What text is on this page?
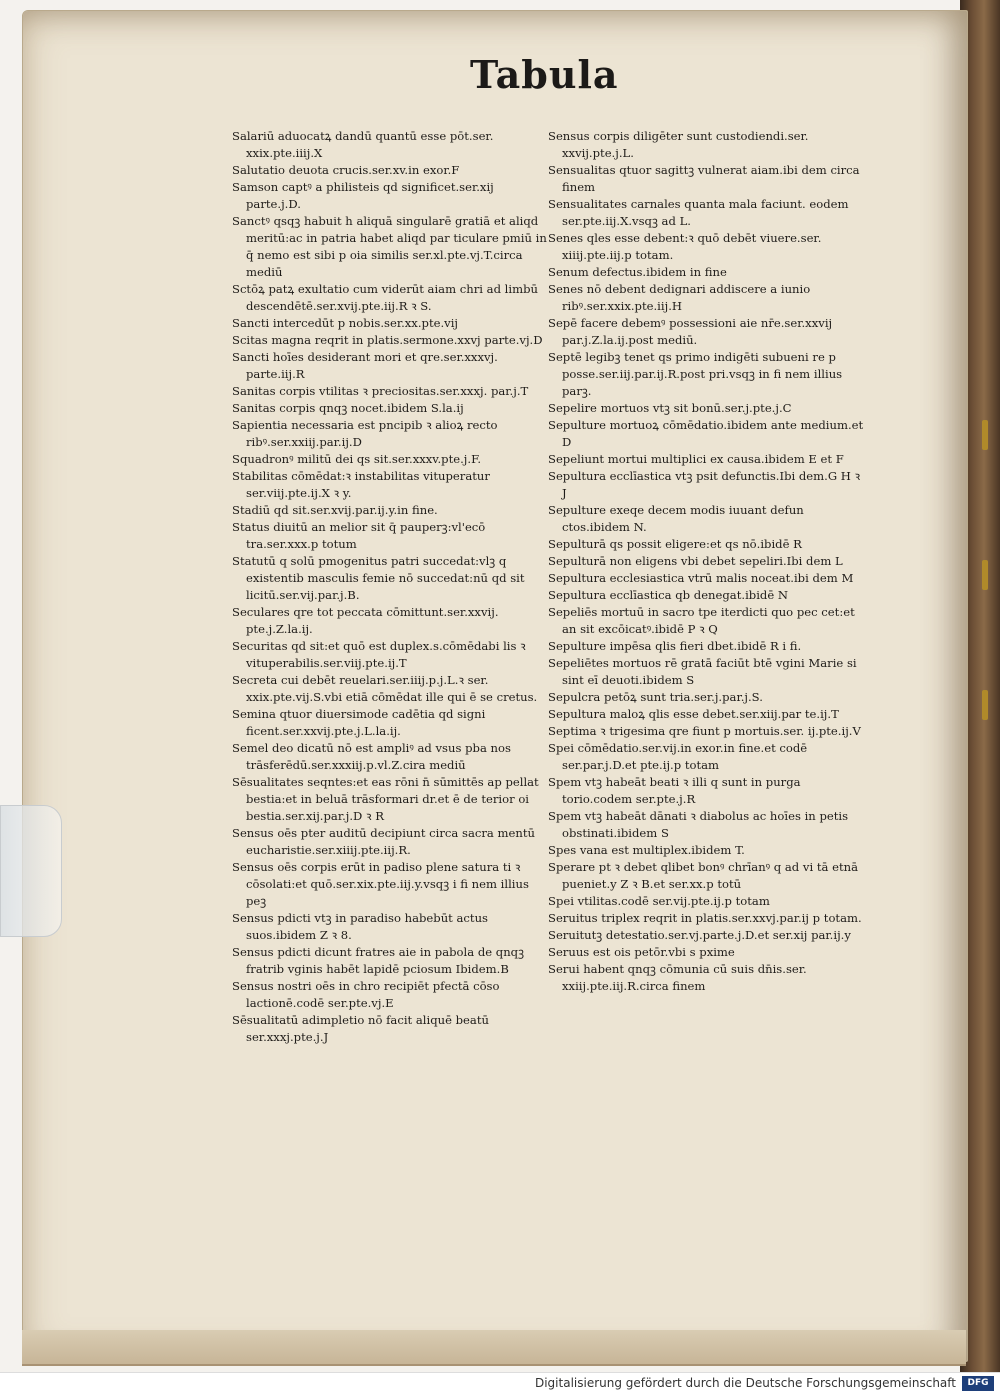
Tabula

Salariū aduocatꝝ dandū quantū esse pōt.ser. xxix.pte.iiij.X

Salutatio deuota crucis.ser.xv.in exor.F

Samson captꝰ a philisteis qd significet.ser.xij parte.j.D.

Sanctꝰ qsqꝫ habuit h aliquā singularē gratiā et aliqd meritū:ac in patria habet aliqd par ticulare pmiū in q̄ nemo est sibi p oia similis ser.xl.pte.vj.T.circa mediū

Sctōꝝ patꝝ exultatio cum viderūt aiam chri ad limbū descendētē.ser.xvij.pte.iij.R ꝛ S.

Sancti intercedūt p nobis.ser.xx.pte.vij

Scitas magna reqrit in platis.sermone.xxvj parte.vj.D

Sancti hoīes desiderant mori et qre.ser.xxxvj. parte.iij.R

Sanitas corpis vtilitas ꝛ preciositas.ser.xxxj. par.j.T

Sanitas corpis qnqꝫ nocet.ibidem S.la.ij

Sapientia necessaria est pncipib ꝛ alioꝝ recto ribꝰ.ser.xxiij.par.ij.D

Squadronꝰ militū dei qs sit.ser.xxxv.pte.j.F.

Stabilitas cōmēdat:ꝛ instabilitas vituperatur ser.viij.pte.ij.X ꝛ y.

Stadiū qd sit.ser.xvij.par.ij.y.in fine.

Status diuitū an melior sit q̄ pauperꝫ:vl'ecō tra.ser.xxx.p totum

Statutū q solū pmogenitus patri succedat:vlꝫ q existentib masculis femie nō succedat:nū qd sit licitū.ser.vij.par.j.B.

Seculares qre tot peccata cōmittunt.ser.xxvij. pte.j.Z.la.ij.

Securitas qd sit:et quō est duplex.s.cōmēdabi lis ꝛ vituperabilis.ser.viij.pte.ij.T

Secreta cui debēt reuelari.ser.iiij.p.j.L.ꝛ ser. xxix.pte.vij.S.vbi etiā cōmēdat ille qui ē se cretus.

Semina qtuor diuersimode cadētia qd signi ficent.ser.xxvij.pte.j.L.la.ij.

Semel deo dicatū nō est ampliꝰ ad vsus pba nos trāsferēdū.ser.xxxiij.p.vl.Z.cira mediū

Sēsualitates seqntes:et eas rōni n̄ sūmittēs ap pellat bestia:et in beluā trāsformari dr.et ē de terior oi bestia.ser.xij.par.j.D ꝛ R

Sensus oēs pter auditū decipiunt circa sacra mentū eucharistie.ser.xiiij.pte.iij.R.

Sensus oēs corpis erūt in padiso plene satura ti ꝛ cōsolati:et quō.ser.xix.pte.iij.y.vsqꝫ i fi nem illius peꝫ

Sensus pdicti vtꝫ in paradiso habebūt actus suos.ibidem Z ꝛ 8.

Sensus pdicti dicunt fratres aie in pabola de qnqꝫ fratrib vginis habēt lapidē pciosum Ibidem.B

Sensus nostri oēs in chro recipiēt pfectā cōso lactionē.codē ser.pte.vj.E

Sēsualitatū adimpletio nō facit aliquē beatū ser.xxxj.pte.j.J

Sensus corpis diligēter sunt custodiendi.ser. xxvij.pte.j.L.

Sensualitas qtuor sagittꝫ vulnerat aiam.ibi dem circa finem

Sensualitates carnales quanta mala faciunt. eodem ser.pte.iij.X.vsqꝫ ad L.

Senes qles esse debent:ꝛ quō debēt viuere.ser. xiiij.pte.iij.p totam.

Senum defectus.ibidem in fine

Senes nō debent dedignari addiscere a iunio ribꝰ.ser.xxix.pte.iij.H

Sepē facere debemꝰ possessioni aie nr̄e.ser.xxvij par.j.Z.la.ij.post mediū.

Septē legibꝫ tenet qs primo indigēti subueni re p posse.ser.iij.par.ij.R.post pri.vsqꝫ in fi nem illius parꝫ.

Sepelire mortuos vtꝫ sit bonū.ser.j.pte.j.C

Sepulture mortuoꝝ cōmēdatio.ibidem ante medium.et D

Sepeliunt mortui multiplici ex causa.ibidem E et F

Sepultura ecclīastica vtꝫ psit defunctis.Ibi dem.G H ꝛ J

Sepulture exeqe decem modis iuuant defun ctos.ibidem N.

Sepulturā qs possit eligere:et qs nō.ibidē R

Sepulturā non eligens vbi debet sepeliri.Ibi dem L

Sepultura ecclesiastica vtrū malis noceat.ibi dem M

Sepultura ecclīastica qb denegat.ibidē N

Sepeliēs mortuū in sacro tpe iterdicti quo pec cet:et an sit excōicatꝰ.ibidē P ꝛ Q

Sepulture impēsa qlis fieri dbet.ibidē R i fi.

Sepeliētes mortuos rē gratā faciūt btē vgini Marie si sint eī deuoti.ibidem S

Sepulcra petōꝝ sunt tria.ser.j.par.j.S.

Sepultura maloꝝ qlis esse debet.ser.xiij.par te.ij.T

Septima ꝛ trigesima qre fiunt p mortuis.ser. ij.pte.ij.V

Spei cōmēdatio.ser.vij.in exor.in fine.et codē ser.par.j.D.et pte.ij.p totam

Spem vtꝫ habeāt beati ꝛ illi q sunt in purga torio.codem ser.pte.j.R

Spem vtꝫ habeāt dānati ꝛ diabolus ac hoīes in petis obstinati.ibidem S

Spes vana est multiplex.ibidem T.

Sperare pt ꝛ debet qlibet bonꝰ chrīanꝰ q ad vi tā etnā pueniet.y Z ꝛ B.et ser.xx.p totū

Spei vtilitas.codē ser.vij.pte.ij.p totam

Seruitus triplex reqrit in platis.ser.xxvj.par.ij p totam.

Seruitutꝫ detestatio.ser.vj.parte.j.D.et ser.xij par.ij.y

Seruus est ois petōr.vbi s pxime

Serui habent qnqꝫ cōmunia cū suis dn̄is.ser. xxiij.pte.iij.R.circa finem

Digitalisierung gefördert durch die Deutsche Forschungsgemeinschaft	DFG
